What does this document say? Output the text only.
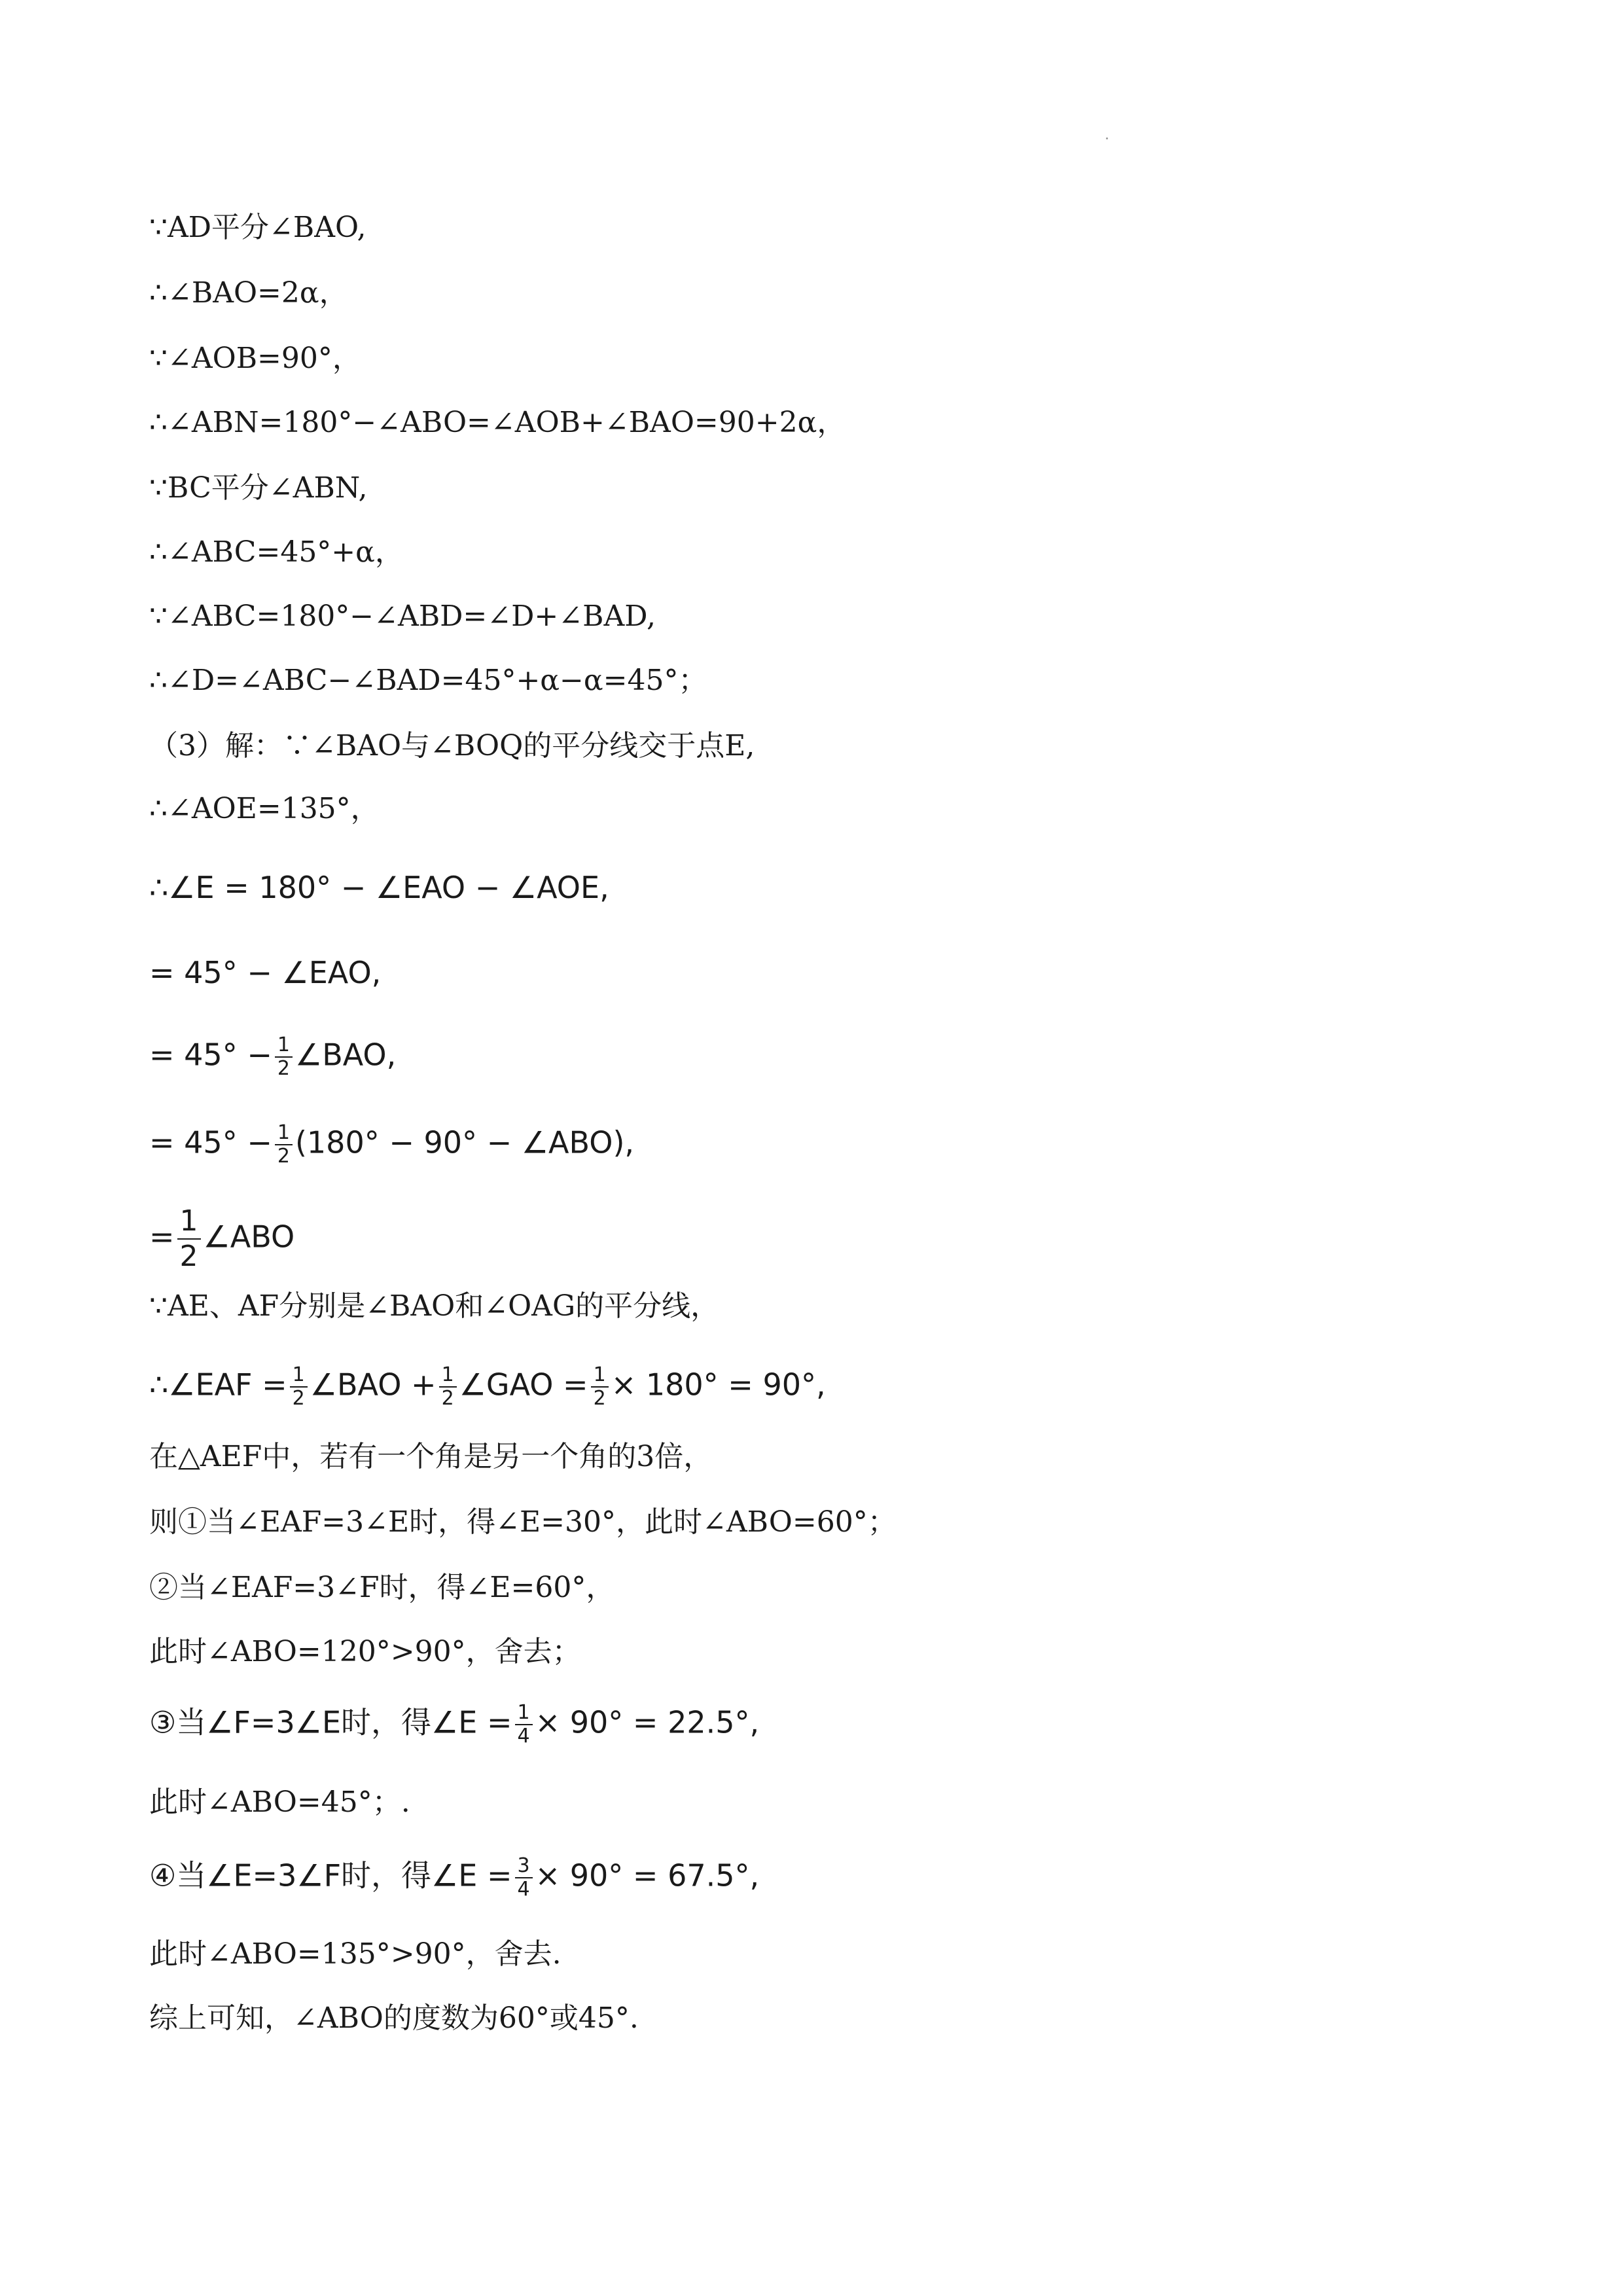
∵AD平分∠BAO,
∴∠BAO=2α，
∵∠AOB=90°，
∴∠ABN=180°−∠ABO=∠AOB+∠BAO=90+2α，
∵BC平分∠ABN,
∴∠ABC=45°+α，
∵∠ABC=180°−∠ABD=∠D+∠BAD,
∴∠D=∠ABC−∠BAD=45°+α−α=45°；
（3）解：∵∠BAO与∠BOQ的平分线交于点E,
∴∠AOE=135°，
∴∠E = 180° − ∠EAO − ∠AOE,
= 45° − ∠EAO,
= $45^\circ - \frac{1}{2}$ ∠BAO,
= $45^\circ - \frac{1}{2} (180^\circ - 90^\circ$ − ∠ABO),
= $\frac{1}{2}$ ∠ABO
∵AE、AF分别是∠BAO和∠OAG的平分线，
∴∠EAF = $\frac{1}{2}$ ∠BAO + $\frac{1}{2}$ ∠GAO = $\frac{1}{2} \times 180^\circ = 90^\circ$,
在△AEF中，若有一个角是另一个角的3倍，
则①当∠EAF=3∠E时，得∠E=30°，此时∠ABO=60°；
②当∠EAF=3∠F时，得∠E=60°，
此时∠ABO=120°>90°，舍去；
③当∠F=3∠E时，得∠E = $\frac{1}{4} \times 90^\circ = 22.5^\circ$,
此时∠ABO=45°；.
④当∠E=3∠F时，得∠E = $\frac{3}{4} \times 90^\circ = 67.5^\circ$,
此时∠ABO=135°>90°，舍去.
综上可知，∠ABO的度数为60°或45°.
